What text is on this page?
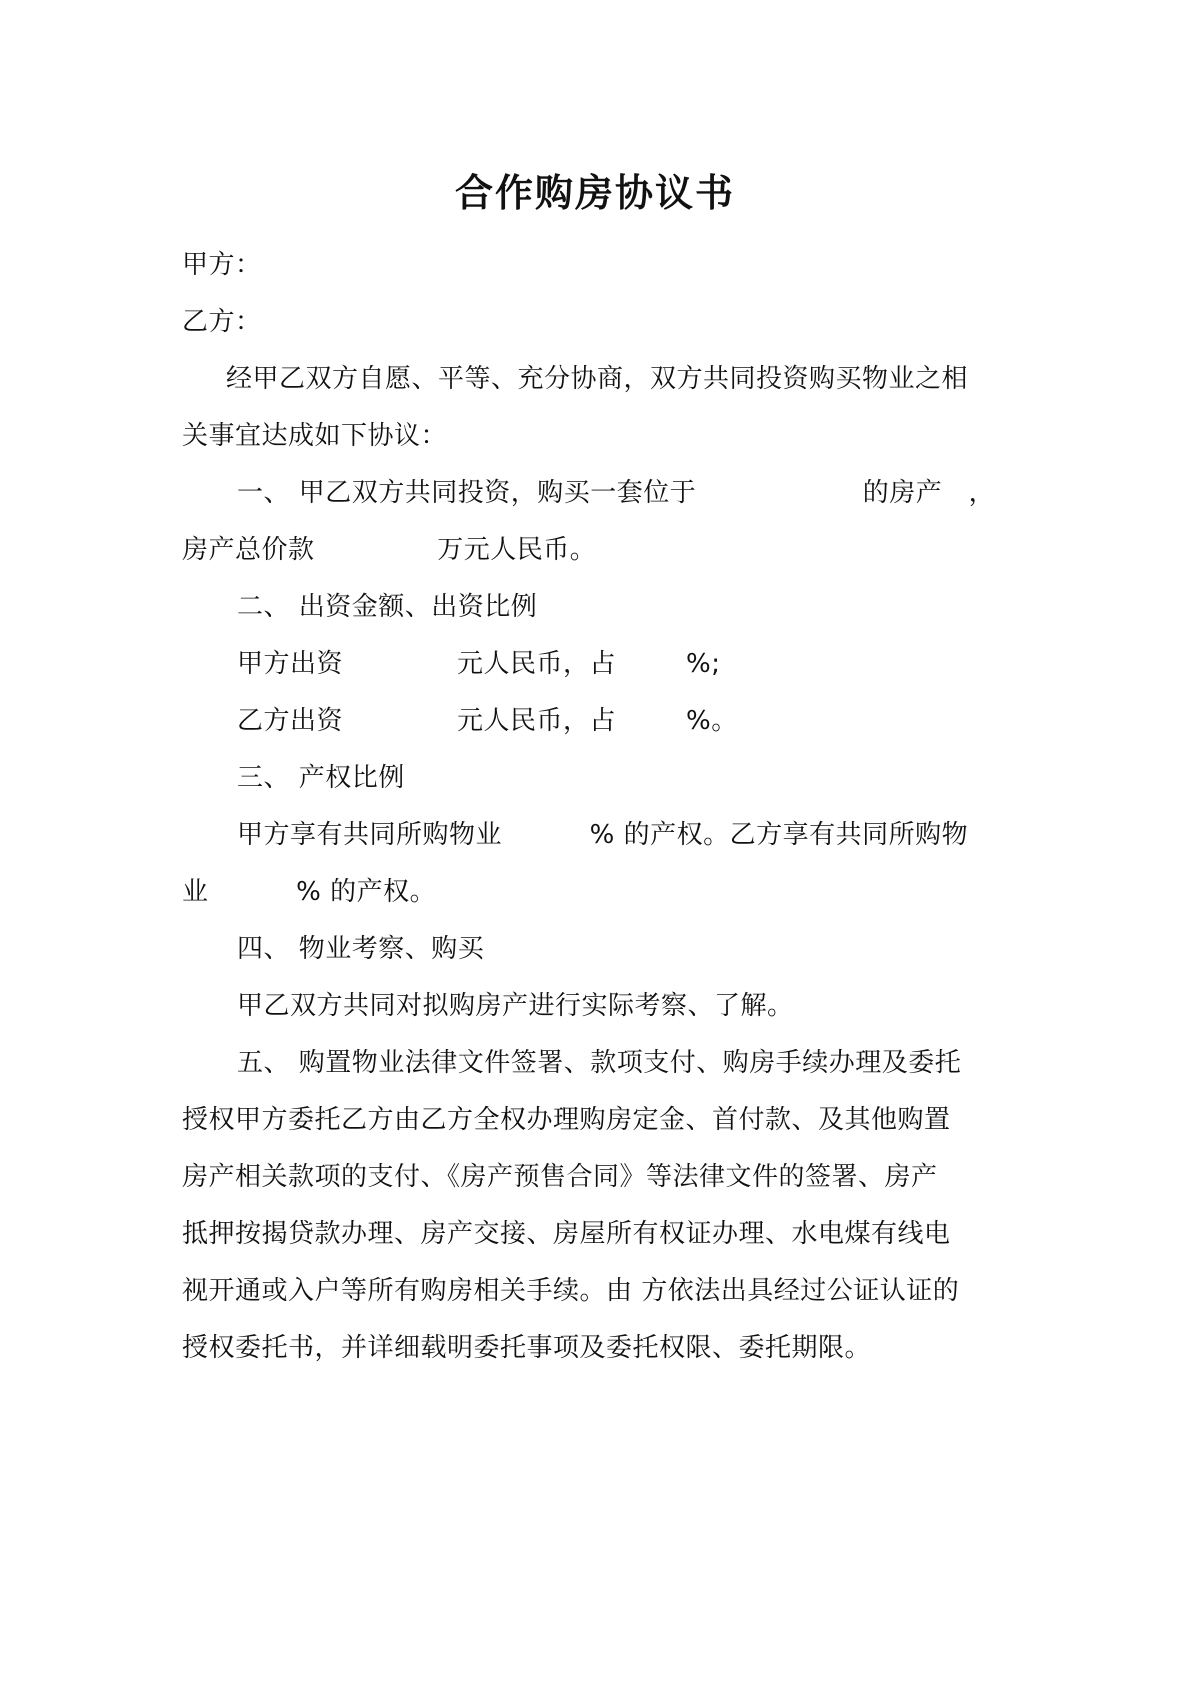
合作购房协议书
甲方：
乙方：
经甲乙双方自愿、平等、充分协商，双方共同投资购买物业之相
关事宜达成如下协议：
一、 甲乙双方共同投资，购买一套位于                   的房产   ，
房产总价款              万元人民币。
二、 出资金额、出资比例
甲方出资             元人民币，占        %;
乙方出资             元人民币，占        %。
三、 产权比例
甲方享有共同所购物业          % 的产权。乙方享有共同所购物
业          % 的产权。
四、 物业考察、购买
甲乙双方共同对拟购房产进行实际考察、了解。
五、 购置物业法律文件签署、款项支付、购房手续办理及委托
授权甲方委托乙方由乙方全权办理购房定金、首付款、及其他购置
房产相关款项的支付、《房产预售合同》等法律文件的签署、房产
抵押按揭贷款办理、房产交接、房屋所有权证办理、水电煤有线电
视开通或入户等所有购房相关手续。由 方依法出具经过公证认证的
授权委托书，并详细载明委托事项及委托权限、委托期限。
